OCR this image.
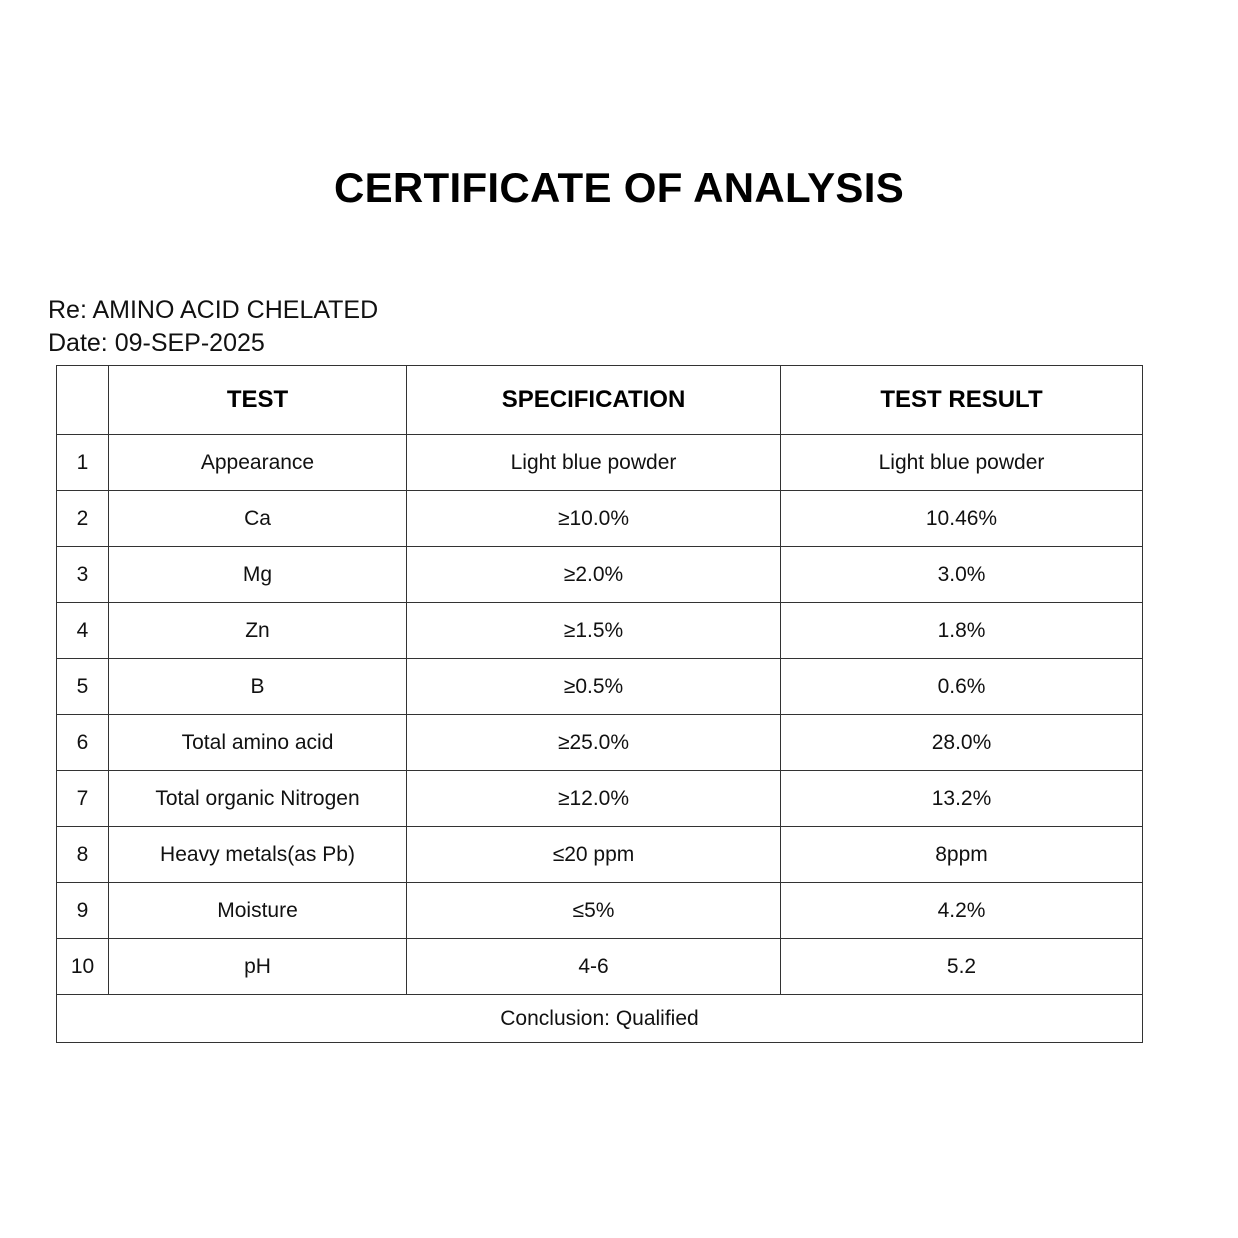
CERTIFICATE OF ANALYSIS
Re: AMINO ACID CHELATED
Date: 09-SEP-2025
	TEST	SPECIFICATION	TEST RESULT
1	Appearance	Light blue powder	Light blue powder
2	Ca	≥10.0%	10.46%
3	Mg	≥2.0%	3.0%
4	Zn	≥1.5%	1.8%
5	B	≥0.5%	0.6%
6	Total amino acid	≥25.0%	28.0%
7	Total organic Nitrogen	≥12.0%	13.2%
8	Heavy metals(as Pb)	≤20 ppm	8ppm
9	Moisture	≤5%	4.2%
10	pH	4-6	5.2
Conclusion: Qualified			
